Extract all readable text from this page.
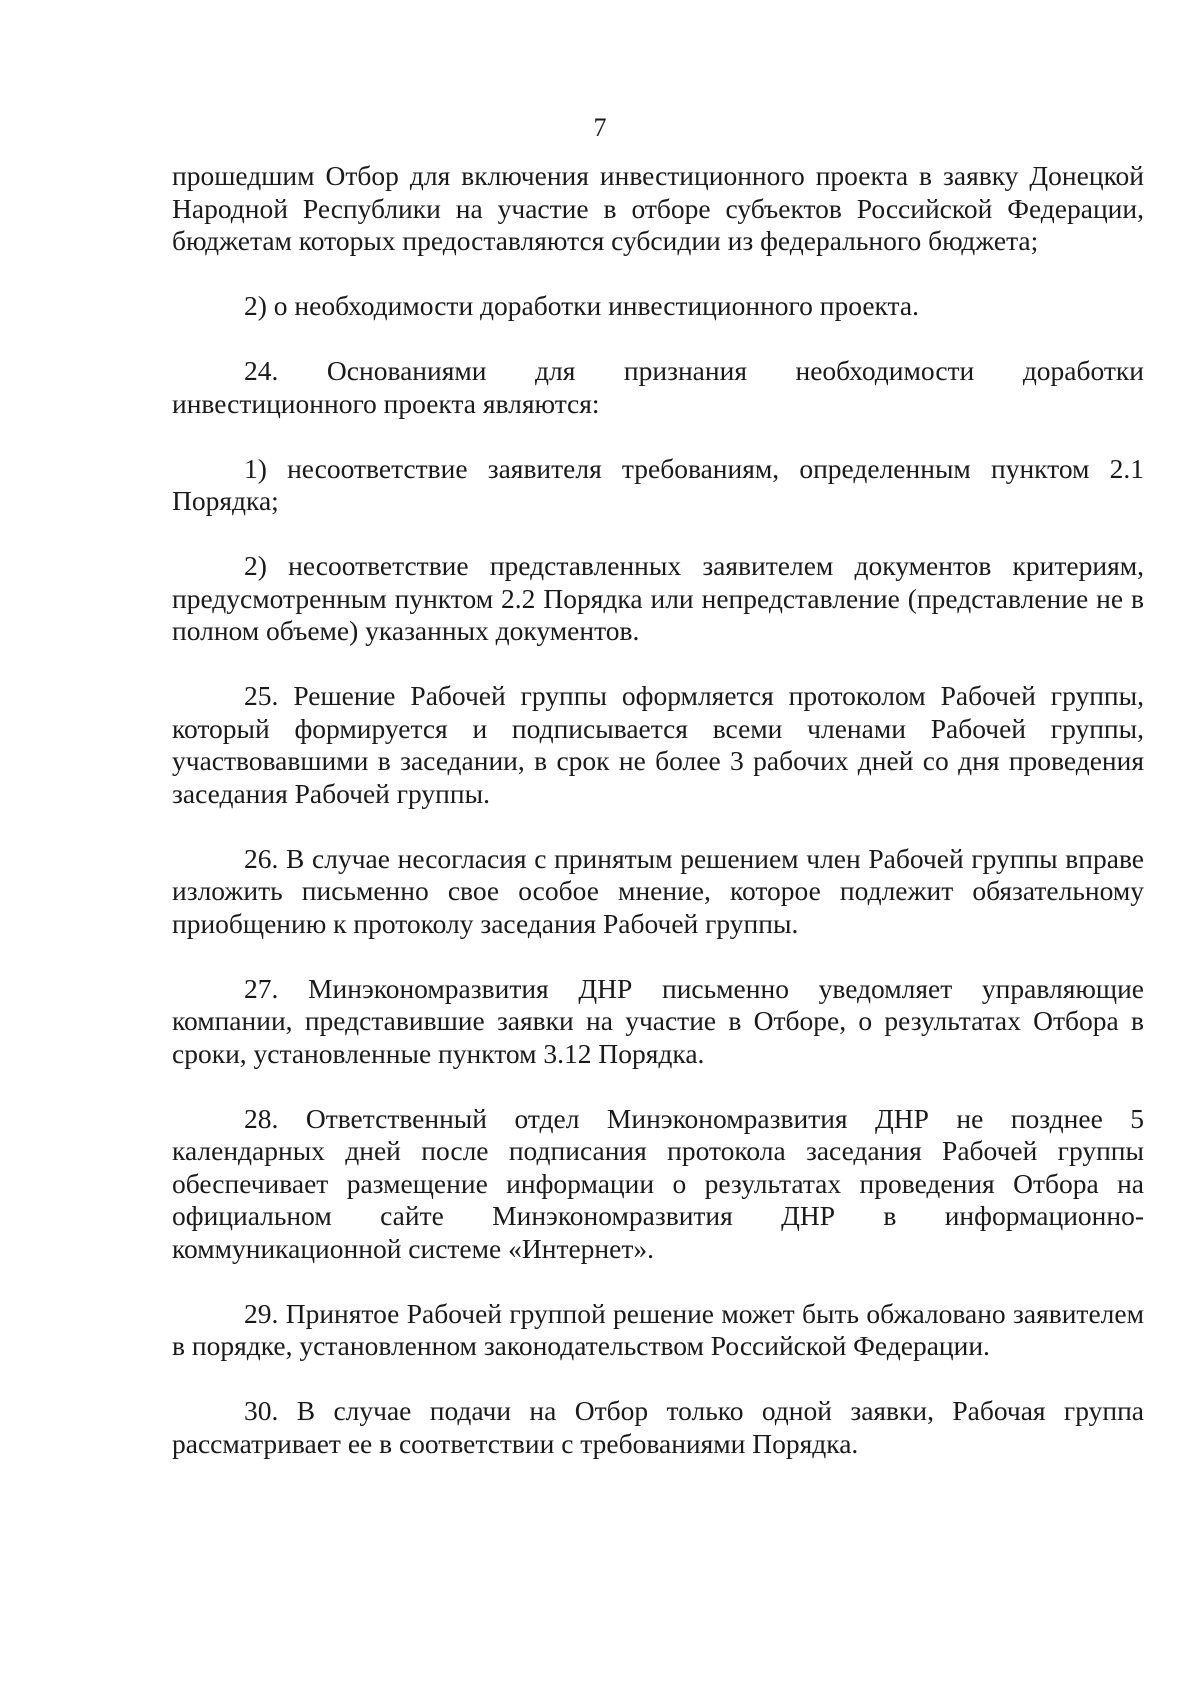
7

прошедшим Отбор для включения инвестиционного проекта в заявку Донецкой Народной Республики на участие в отборе субъектов Российской Федерации, бюджетам которых предоставляются субсидии из федерального бюджета;

2) о необходимости доработки инвестиционного проекта.

24. Основаниями для признания необходимости доработки инвестиционного проекта являются:

1) несоответствие заявителя требованиям, определенным пунктом 2.1 Порядка;

2) несоответствие представленных заявителем документов критериям, предусмотренным пунктом 2.2 Порядка или непредставление (представление не в полном объеме) указанных документов.

25. Решение Рабочей группы оформляется протоколом Рабочей группы, который формируется и подписывается всеми членами Рабочей группы, участвовавшими в заседании, в срок не более 3 рабочих дней со дня проведения заседания Рабочей группы.

26. В случае несогласия с принятым решением член Рабочей группы вправе изложить письменно свое особое мнение, которое подлежит обязательному приобщению к протоколу заседания Рабочей группы.

27. Минэкономразвития ДНР письменно уведомляет управляющие компании, представившие заявки на участие в Отборе, о результатах Отбора в сроки, установленные пунктом 3.12 Порядка.

28. Ответственный отдел Минэкономразвития ДНР не позднее 5 календарных дней после подписания протокола заседания Рабочей группы обеспечивает размещение информации о результатах проведения Отбора на официальном сайте Минэкономразвития ДНР в информационно-коммуникационной системе «Интернет».

29. Принятое Рабочей группой решение может быть обжаловано заявителем в порядке, установленном законодательством Российской Федерации.

30. В случае подачи на Отбор только одной заявки, Рабочая группа рассматривает ее в соответствии с требованиями Порядка.
